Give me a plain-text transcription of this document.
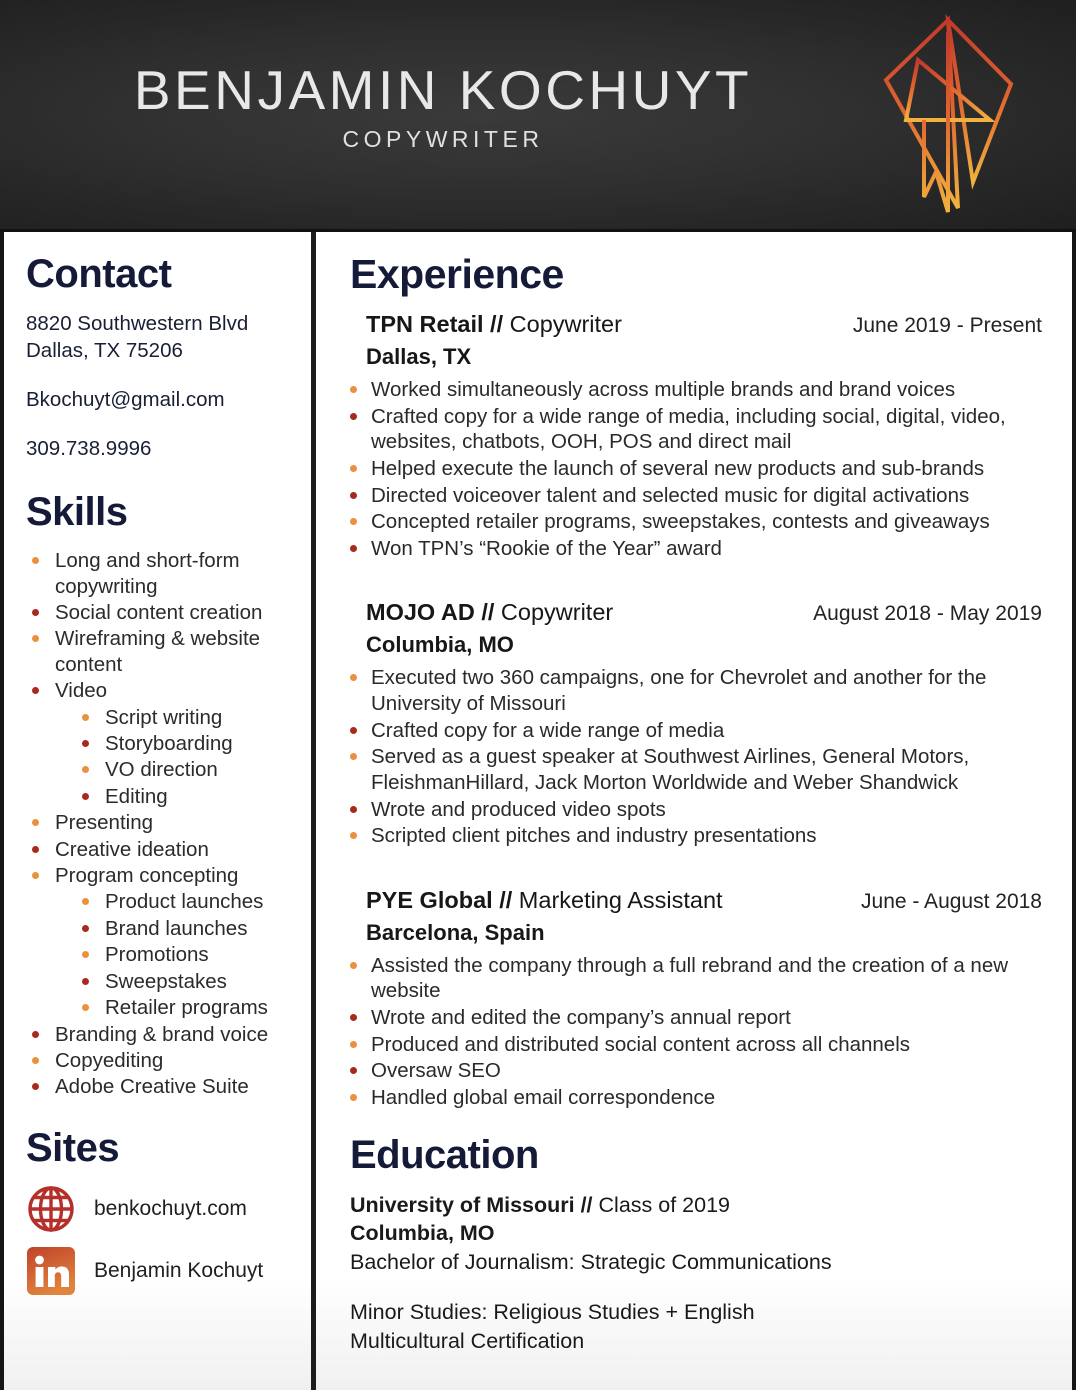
BENJAMIN KOCHUYT
COPYWRITER
Contact
8820 Southwestern Blvd
Dallas, TX 75206
Bkochuyt@gmail.com
309.738.9996
Skills
Long and short-form copywriting
Social content creation
Wireframing & website content
Video
Script writing
Storyboarding
VO direction
Editing
Presenting
Creative ideation
Program concepting
Product launches
Brand launches
Promotions
Sweepstakes
Retailer programs
Branding & brand voice
Copyediting
Adobe Creative Suite
Sites
benkochuyt.com
Benjamin Kochuyt
Experience
TPN Retail // Copywriter	June 2019 - Present
Dallas, TX
Worked simultaneously across multiple brands and brand voices
Crafted copy for a wide range of media, including social, digital, video, websites, chatbots, OOH, POS and direct mail
Helped execute the launch of several new products and sub-brands
Directed voiceover talent and selected music for digital activations
Concepted retailer programs, sweepstakes, contests and giveaways
Won TPN’s “Rookie of the Year” award
MOJO AD // Copywriter	August 2018 - May 2019
Columbia, MO
Executed two 360 campaigns, one for Chevrolet and another for the University of Missouri
Crafted copy for a wide range of media
Served as a guest speaker at Southwest Airlines, General Motors, FleishmanHillard, Jack Morton Worldwide and Weber Shandwick
Wrote and produced video spots
Scripted client pitches and industry presentations
PYE Global // Marketing Assistant	June - August 2018
Barcelona, Spain
Assisted the company through a full rebrand and the creation of a new website
Wrote and edited the company’s annual report
Produced and distributed social content across all channels
Oversaw SEO
Handled global email correspondence
Education
University of Missouri // Class of 2019
Columbia, MO
Bachelor of Journalism: Strategic Communications
Minor Studies: Religious Studies + English
Multicultural Certification
